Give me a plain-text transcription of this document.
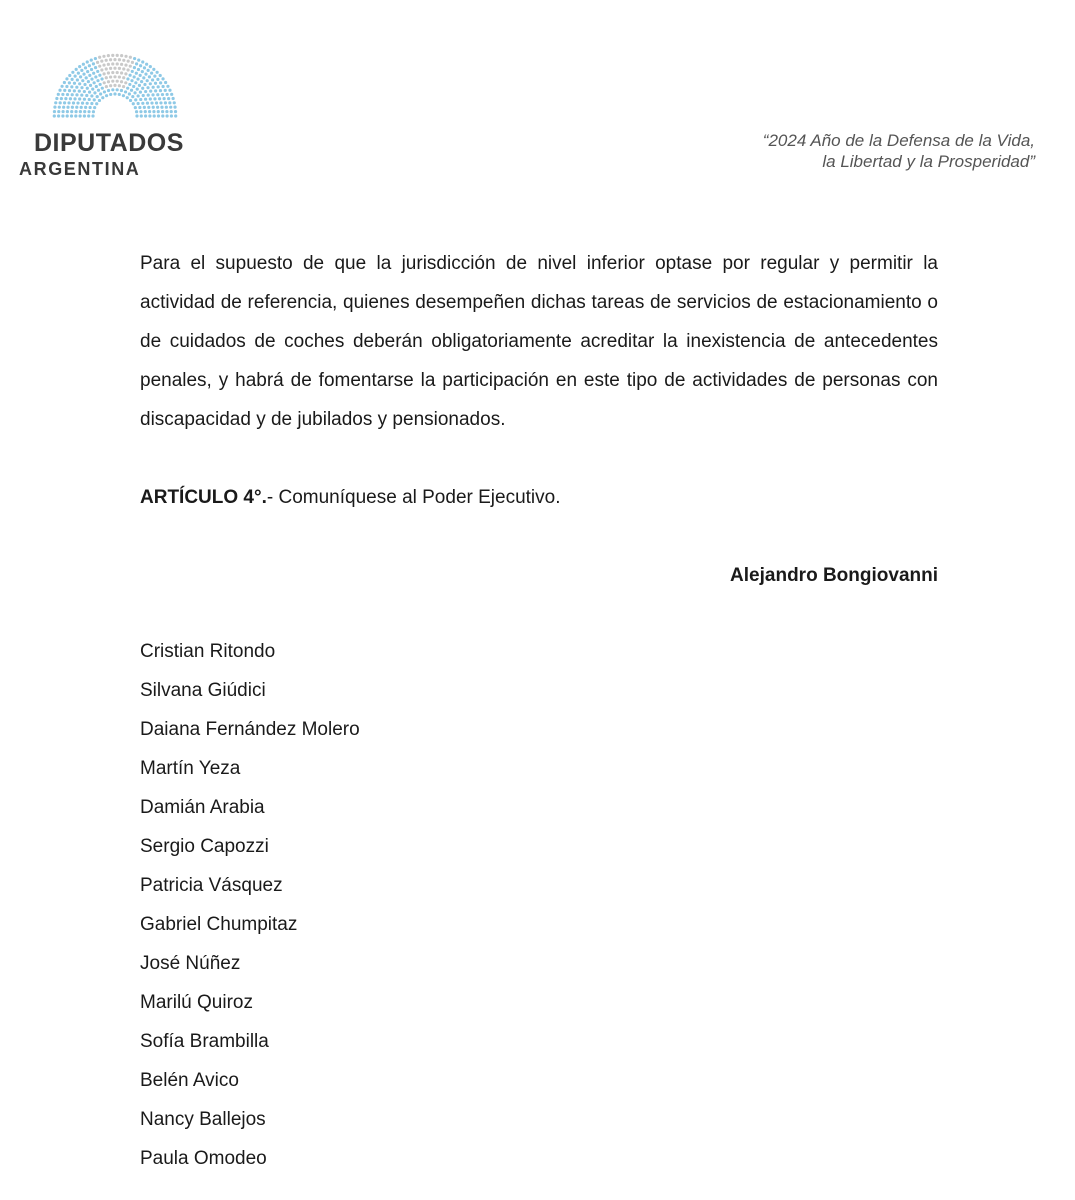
DIPUTADOS
ARGENTINA
“2024 Año de la Defensa de la Vida,
la Libertad y la Prosperidad”
Para el supuesto de que la jurisdicción de nivel inferior optase por regular y permitir la actividad de referencia, quienes desempeñen dichas tareas de servicios de estacionamiento o de cuidados de coches deberán obligatoriamente acreditar la inexistencia de antecedentes penales, y habrá de fomentarse la participación en este tipo de actividades de personas con discapacidad y de jubilados y pensionados.
ARTÍCULO 4°.- Comuníquese al Poder Ejecutivo.
Alejandro Bongiovanni
Cristian Ritondo
Silvana Giúdici
Daiana Fernández Molero
Martín Yeza
Damián Arabia
Sergio Capozzi
Patricia Vásquez
Gabriel Chumpitaz
José Núñez
Marilú Quiroz
Sofía Brambilla
Belén Avico
Nancy Ballejos
Paula Omodeo
